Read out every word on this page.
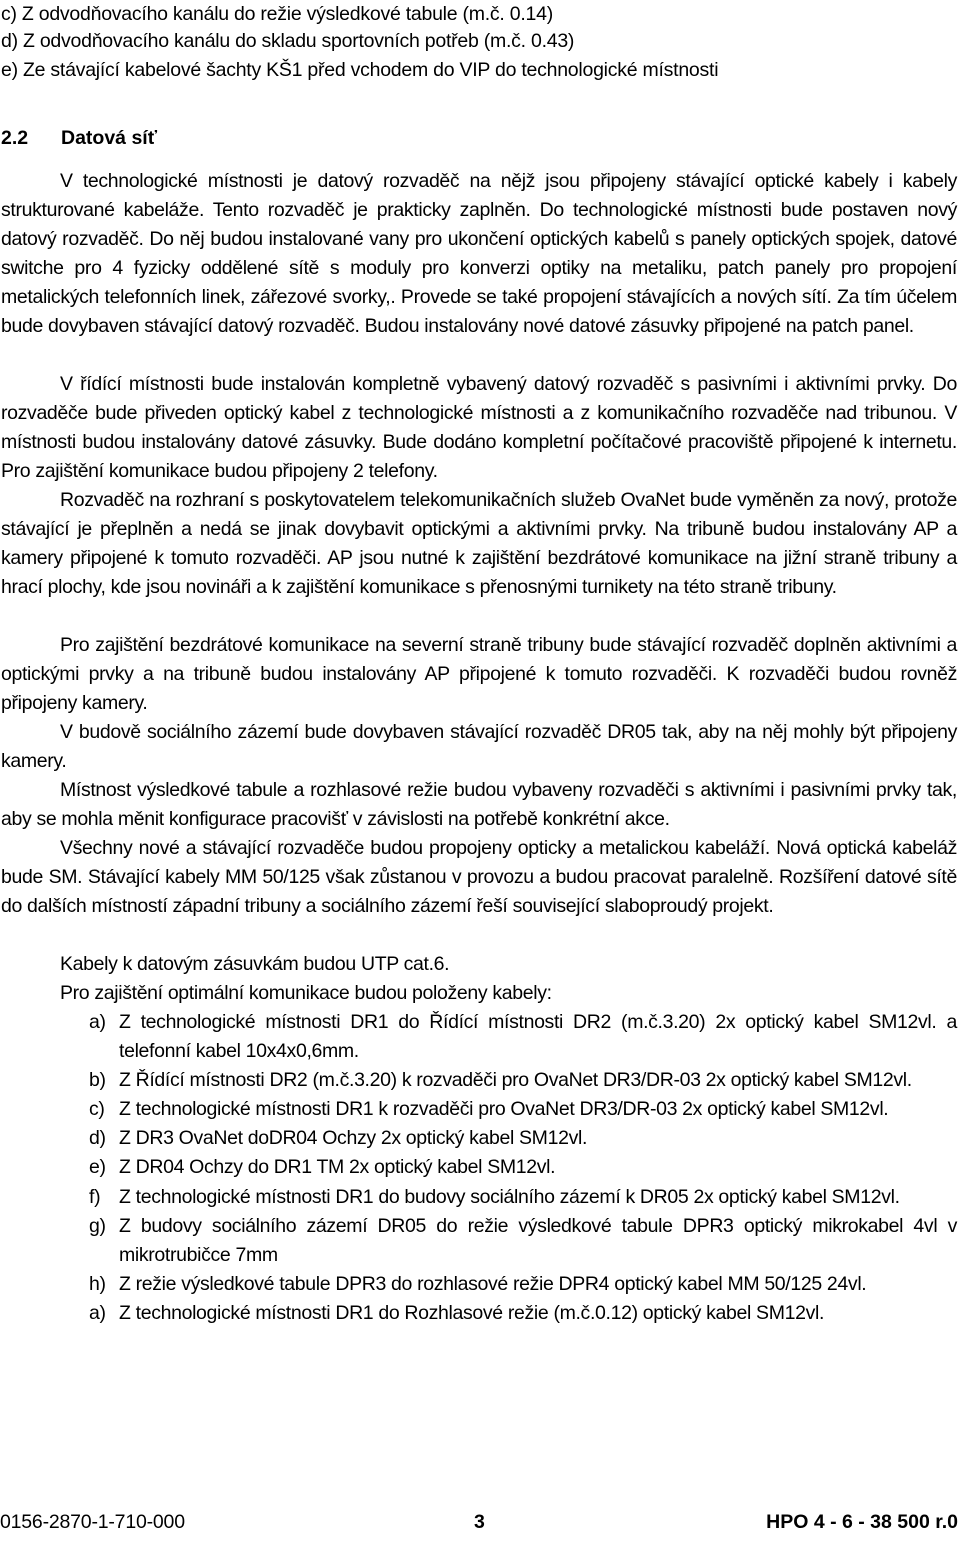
c) Z odvodňovacího kanálu do režie výsledkové tabule (m.č. 0.14)
d) Z odvodňovacího kanálu do skladu sportovních potřeb (m.č. 0.43)
e) Ze stávající kabelové šachty KŠ1 před vchodem do VIP do technologické místnosti
2.2 Datová síť
V technologické místnosti je datový rozvaděč na nějž jsou připojeny stávající optické kabely i kabely strukturované kabeláže. Tento rozvaděč je prakticky zaplněn. Do technologické místnosti bude postaven nový datový rozvaděč. Do něj budou instalované vany pro ukončení optických kabelů s panely optických spojek, datové switche pro 4 fyzicky oddělené sítě s moduly pro konverzi optiky na metaliku, patch panely pro propojení metalických telefonních linek, zářezové svorky,. Provede se také propojení stávajících a nových sítí. Za tím účelem bude dovybaven stávající datový rozvaděč. Budou instalovány nové datové zásuvky připojené na patch panel.
V řídící místnosti bude instalován kompletně vybavený datový rozvaděč s pasivními i aktivními prvky. Do rozvaděče bude přiveden optický kabel z technologické místnosti a z komunikačního rozvaděče nad tribunou. V místnosti budou instalovány datové zásuvky. Bude dodáno kompletní počítačové pracoviště připojené k internetu. Pro zajištění komunikace budou připojeny 2 telefony.
Rozvaděč na rozhraní s poskytovatelem telekomunikačních služeb OvaNet bude vyměněn za nový, protože stávající je přeplněn a nedá se jinak dovybavit optickými a aktivními prvky. Na tribuně budou instalovány AP a kamery připojené k tomuto rozvaděči. AP jsou nutné k zajištění bezdrátové komunikace na jižní straně tribuny a hrací plochy, kde jsou novináři a k zajištění komunikace s přenosnými turnikety na této straně tribuny.
Pro zajištění bezdrátové komunikace na severní straně tribuny bude stávající rozvaděč doplněn aktivními a optickými prvky a na tribuně budou instalovány AP připojené k tomuto rozvaděči. K rozvaděči budou rovněž připojeny kamery.
V budově sociálního zázemí bude dovybaven stávající rozvaděč DR05 tak, aby na něj mohly být připojeny kamery.
Místnost výsledkové tabule a rozhlasové režie budou vybaveny rozvaděči s aktivními i pasivními prvky tak, aby se mohla měnit konfigurace pracovišť v závislosti na potřebě konkrétní akce.
Všechny nové a stávající rozvaděče budou propojeny opticky a metalickou kabeláží. Nová optická kabeláž bude SM. Stávající kabely MM 50/125 však zůstanou v provozu a budou pracovat paralelně. Rozšíření datové sítě do dalších místností západní tribuny a sociálního zázemí řeší související slaboproudý projekt.
Kabely k datovým zásuvkám budou UTP cat.6.
Pro zajištění optimální komunikace budou položeny kabely:
a) Z technologické místnosti DR1 do Řídící místnosti DR2 (m.č.3.20) 2x optický kabel SM12vl. a telefonní kabel 10x4x0,6mm.
b) Z Řídící místnosti DR2 (m.č.3.20) k rozvaděči pro OvaNet DR3/DR-03 2x optický kabel SM12vl.
c) Z technologické místnosti DR1 k rozvaděči pro OvaNet DR3/DR-03 2x optický kabel SM12vl.
d) Z DR3 OvaNet doDR04 Ochzy 2x optický kabel SM12vl.
e) Z DR04 Ochzy do DR1 TM 2x optický kabel SM12vl.
f) Z technologické místnosti DR1 do budovy sociálního zázemí k DR05 2x optický kabel SM12vl.
g) Z budovy sociálního zázemí DR05 do režie výsledkové tabule DPR3 optický mikrokabel 4vl v mikrotrubičce 7mm
h) Z režie výsledkové tabule DPR3 do rozhlasové režie DPR4 optický kabel MM 50/125 24vl.
a) Z technologické místnosti DR1 do Rozhlasové režie (m.č.0.12) optický kabel SM12vl.
0156-2870-1-710-000	3	HPO 4 - 6 - 38 500 r.0
